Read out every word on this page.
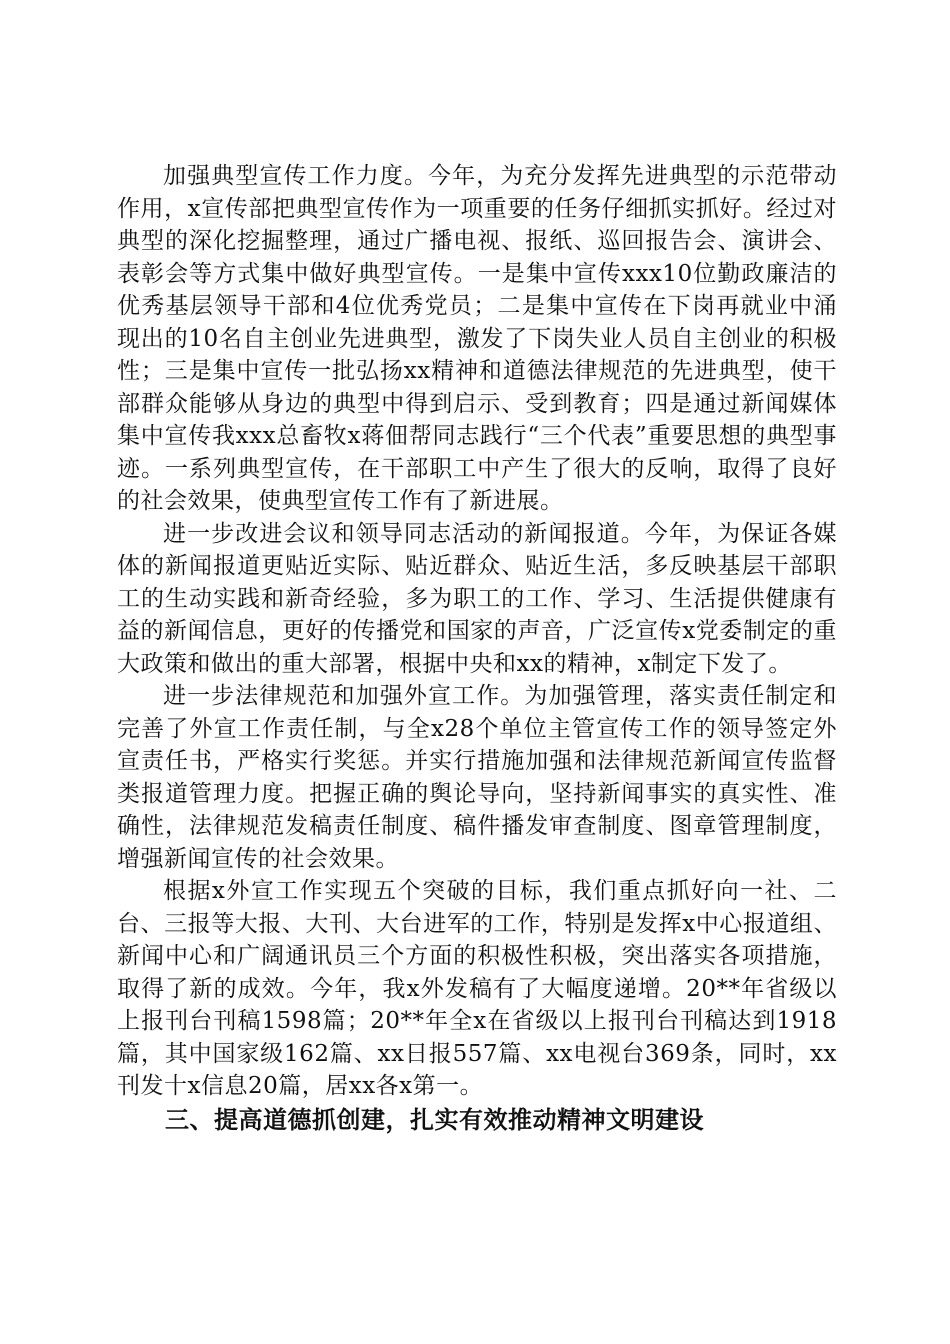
加强典型宣传工作力度。今年，为充分发挥先进典型的示范带动作用，x宣传部把典型宣传作为一项重要的任务仔细抓实抓好。经过对典型的深化挖掘整理，通过广播电视、报纸、巡回报告会、演讲会、表彰会等方式集中做好典型宣传。一是集中宣传xxx10位勤政廉洁的优秀基层领导干部和4位优秀党员；二是集中宣传在下岗再就业中涌现出的10名自主创业先进典型，激发了下岗失业人员自主创业的积极性；三是集中宣传一批弘扬xx精神和道德法律规范的先进典型，使干部群众能够从身边的典型中得到启示、受到教育；四是通过新闻媒体集中宣传我xxx总畜牧x蒋佃帮同志践行“三个代表”重要思想的典型事迹。一系列典型宣传，在干部职工中产生了很大的反响，取得了良好的社会效果，使典型宣传工作有了新进展。

进一步改进会议和领导同志活动的新闻报道。今年，为保证各媒体的新闻报道更贴近实际、贴近群众、贴近生活，多反映基层干部职工的生动实践和新奇经验，多为职工的工作、学习、生活提供健康有益的新闻信息，更好的传播党和国家的声音，广泛宣传x党委制定的重大政策和做出的重大部署，根据中央和xx的精神，x制定下发了。

进一步法律规范和加强外宣工作。为加强管理，落实责任制定和完善了外宣工作责任制，与全x28个单位主管宣传工作的领导签定外宣责任书，严格实行奖惩。并实行措施加强和法律规范新闻宣传监督类报道管理力度。把握正确的舆论导向，坚持新闻事实的真实性、准确性，法律规范发稿责任制度、稿件播发审查制度、图章管理制度，增强新闻宣传的社会效果。

根据x外宣工作实现五个突破的目标，我们重点抓好向一社、二台、三报等大报、大刊、大台进军的工作，特别是发挥x中心报道组、新闻中心和广阔通讯员三个方面的积极性积极，突出落实各项措施，取得了新的成效。今年，我x外发稿有了大幅度递增。20**年省级以上报刊台刊稿1598篇；20**年全x在省级以上报刊台刊稿达到1918篇，其中国家级162篇、xx日报557篇、xx电视台369条，同时，xx刊发十x信息20篇，居xx各x第一。

三、提高道德抓创建，扎实有效推动精神文明建设
